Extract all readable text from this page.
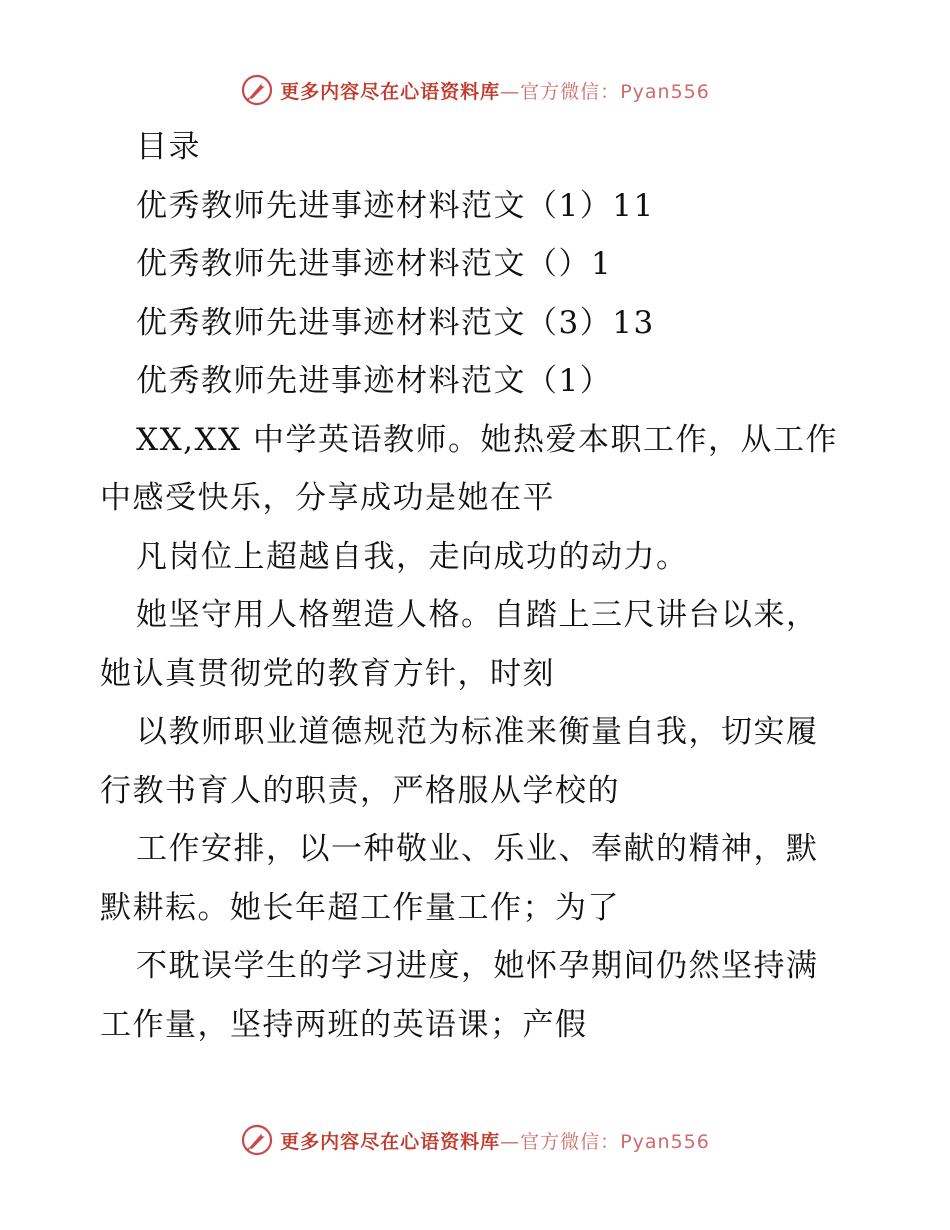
更多内容尽在心语资料库—官方微信：Pyan556
目录
优秀教师先进事迹材料范文（1）11
优秀教师先进事迹材料范文（）1
优秀教师先进事迹材料范文（3）13
优秀教师先进事迹材料范文（1）
XX,XX 中学英语教师。她热爱本职工作，从工作
中感受快乐，分享成功是她在平
凡岗位上超越自我，走向成功的动力。
她坚守用人格塑造人格。自踏上三尺讲台以来，
她认真贯彻党的教育方针，时刻
以教师职业道德规范为标准来衡量自我，切实履
行教书育人的职责，严格服从学校的
工作安排，以一种敬业、乐业、奉献的精神，默
默耕耘。她长年超工作量工作；为了
不耽误学生的学习进度，她怀孕期间仍然坚持满
工作量，坚持两班的英语课；产假
更多内容尽在心语资料库—官方微信：Pyan556
